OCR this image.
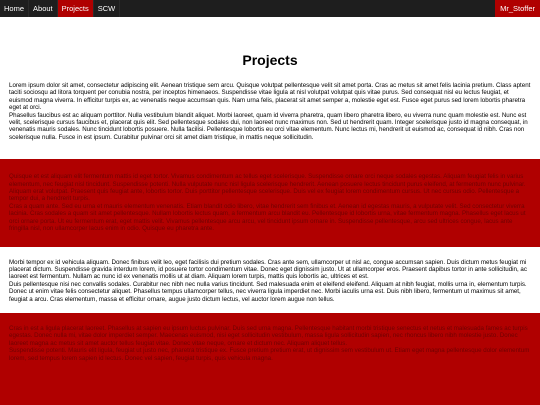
Home	About	Projects	SCW	Mr_Stoffer
Projects

Lorem ipsum dolor sit amet, consectetur adipiscing elit. Aenean tristique sem arcu. Quisque volutpat pellentesque velit sit amet porta. Cras ac metus sit amet felis lacinia pretium. Class aptent taciti sociosqu ad litora torquent per conubia nostra, per inceptos himenaeos. Suspendisse vitae ligula at nisl volutpat volutpat quis vitae purus. Sed consequat nisl eu lectus feugiat, et euismod magna viverra. In efficitur turpis ex, ac venenatis neque accumsan quis. Nam urna felis, placerat sit amet semper a, molestie eget est. Fusce eget purus sed lorem lobortis pharetra eget at orci.

Phasellus faucibus est ac aliquam porttitor. Nulla vestibulum blandit aliquet. Morbi laoreet, quam id viverra pharetra, quam libero pharetra libero, eu viverra nunc quam molestie est. Nunc est velit, scelerisque cursus faucibus et, placerat quis elit. Sed pellentesque sodales dui, non laoreet nunc maximus non. Sed ut hendrerit quam. Integer scelerisque justo id magna consequat, in venenatis mauris sodales. Nunc tincidunt lobortis posuere. Nulla facilisi. Pellentesque lobortis eu orci vitae elementum. Nunc lectus mi, hendrerit ut euismod ac, consequat id nibh. Cras non scelerisque nulla. Fusce in est ipsum. Curabitur pulvinar orci sit amet diam tristique, in mattis neque sollicitudin.

Quisque et est aliquam elit fermentum mattis id eget tortor. Vivamus condimentum ac tellus eget scelerisque. Suspendisse ornare orci neque sodales egestas. Aliquam feugiat felis in varius elementum, nec feugiat nisl tincidunt. Suspendisse potenti. Nulla vulputate nunc nisl ligula scelerisque hendrerit. Aenean posuere lectus tincidunt purus eleifend, at fermentum nunc pulvinar. Aliquam erat volutpat. Praesent quis feugiat ante, lobortis tortor. Duis porttitor pellentesque scelerisque. Duis vel ex feugiat lorem condimentum cursus. Ut nec cursus odio. Pellentesque a tempor dui, a hendrerit turpis.

Cras a quam ante. Sed eu urna et mauris elementum venenatis. Etiam blandit odio libero, vitae hendrerit sem finibus et. Aenean id egestas mauris, a vulputate velit. Sed consectetur viverra lacinia. Cras sodales a quam sit amet pellentesque. Nullam lobortis lectus quam, a fermentum arcu blandit eu. Pellentesque id lobortis urna, vitae fermentum magna. Phasellus eget lacus ut orci ornare porta. Ut eu fermentum erat, eget mattis velit. Vivamus pellentesque arcu arcu, vel tincidunt ipsum ornare in. Suspendisse pellentesque, arcu sed ultrices congue, lacus ante fringilla nisl, non ullamcorper lacus enim in odio. Quisque eu pharetra ante.

Morbi tempor ex id vehicula aliquam. Donec finibus velit leo, eget facilisis dui pretium sodales. Cras ante sem, ullamcorper ut nisl ac, congue accumsan sapien. Duis dictum metus feugiat mi placerat dictum. Suspendisse gravida interdum lorem, id posuere tortor condimentum vitae. Donec eget dignissim justo. Ut at ullamcorper eros. Praesent dapibus tortor in ante sollicitudin, ac laoreet est fermentum. Nullam ac nunc id ex venenatis mollis ut at diam. Aliquam lorem turpis, mattis quis lobortis ac, ultrices et est.

Duis pellentesque nisi nec convallis sodales. Curabitur nec nibh nec nulla varius tincidunt. Sed malesuada enim et eleifend eleifend. Aliquam at nibh feugiat, mollis urna in, elementum turpis. Donec ut enim vitae felis consectetur aliquet. Phasellus tempus ullamcorper tellus, nec viverra ligula imperdiet nec. Morbi iaculis urna est. Duis nibh libero, fermentum ut maximus sit amet, feugiat a arcu. Cras elementum, massa et efficitur ornare, augue justo dictum lectus, vel auctor lorem augue non tellus.

Cras in est a ligula placerat laoreet. Phasellus at sapien eu ipsum luctus pulvinar. Duis sed urna magna. Pellentesque habitant morbi tristique senectus et netus et malesuada fames ac turpis egestas. Donec nulla mi, vitae dolor imperdiet semper. Maecenas euismod, nisi eget sollicitudin vestibulum, massa ligula sollicitudin sapien, nec rhoncus libero nibh molestie justo. Donec laoreet magna ac metus sit amet auctor tellus feugiat vitae. Donec vitae neque, ornare et dictum nec. Aliquam aliquet tellus.

Suspendisse potenti. Mauris elit ligula, feugiat ut justo nec, pharetra tristique ex. Fusce pretium pretium erat, ut dignissim sem vestibulum ut. Etiam eget magna pellentesque dolor elementum lorem, sed tempus lorem sapien id lectus. Donec vel sapien, feugiat turpis, quis vehicula magna.
